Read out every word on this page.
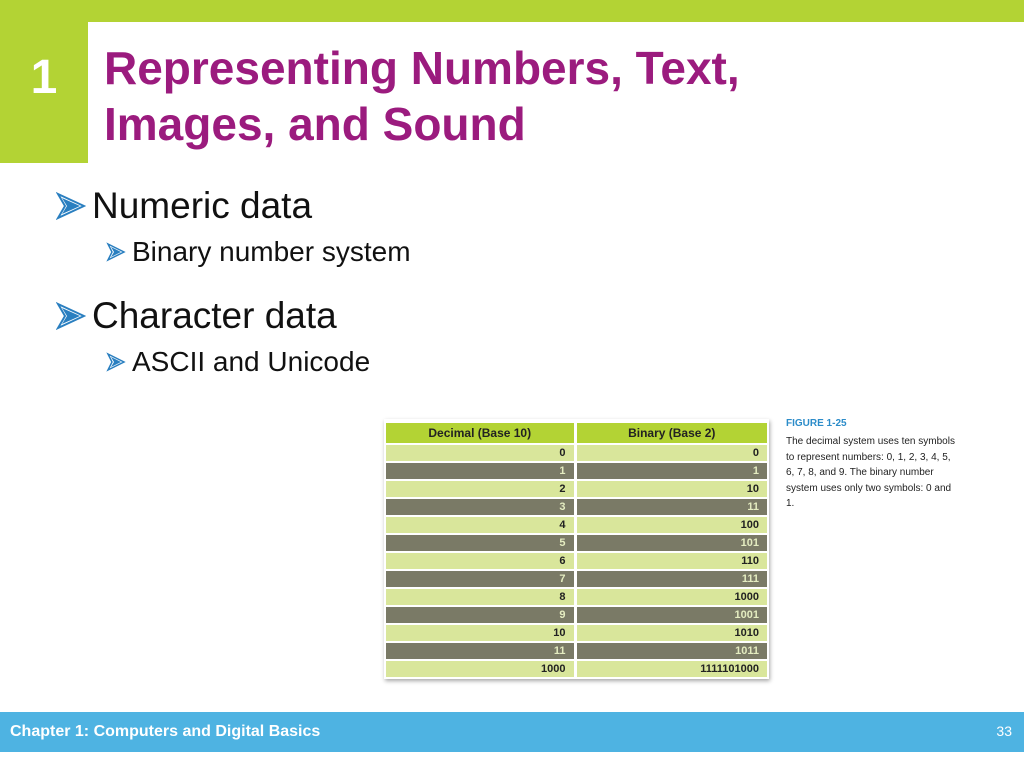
1	Representing Numbers, Text,
Images, and Sound
Numeric data
Binary number system
Character data
ASCII and Unicode
Decimal (Base 10)	Binary (Base 2)
0	0
1	1
2	10
3	11
4	100
5	101
6	110
7	111
8	1000
9	1001
10	1010
11	1011
1000	1111101000
FIGURE 1-25
The decimal system uses ten symbols to represent numbers: 0, 1, 2, 3, 4, 5, 6, 7, 8, and 9. The binary number system uses only two symbols: 0 and 1.
Chapter 1: Computers and Digital Basics	33
